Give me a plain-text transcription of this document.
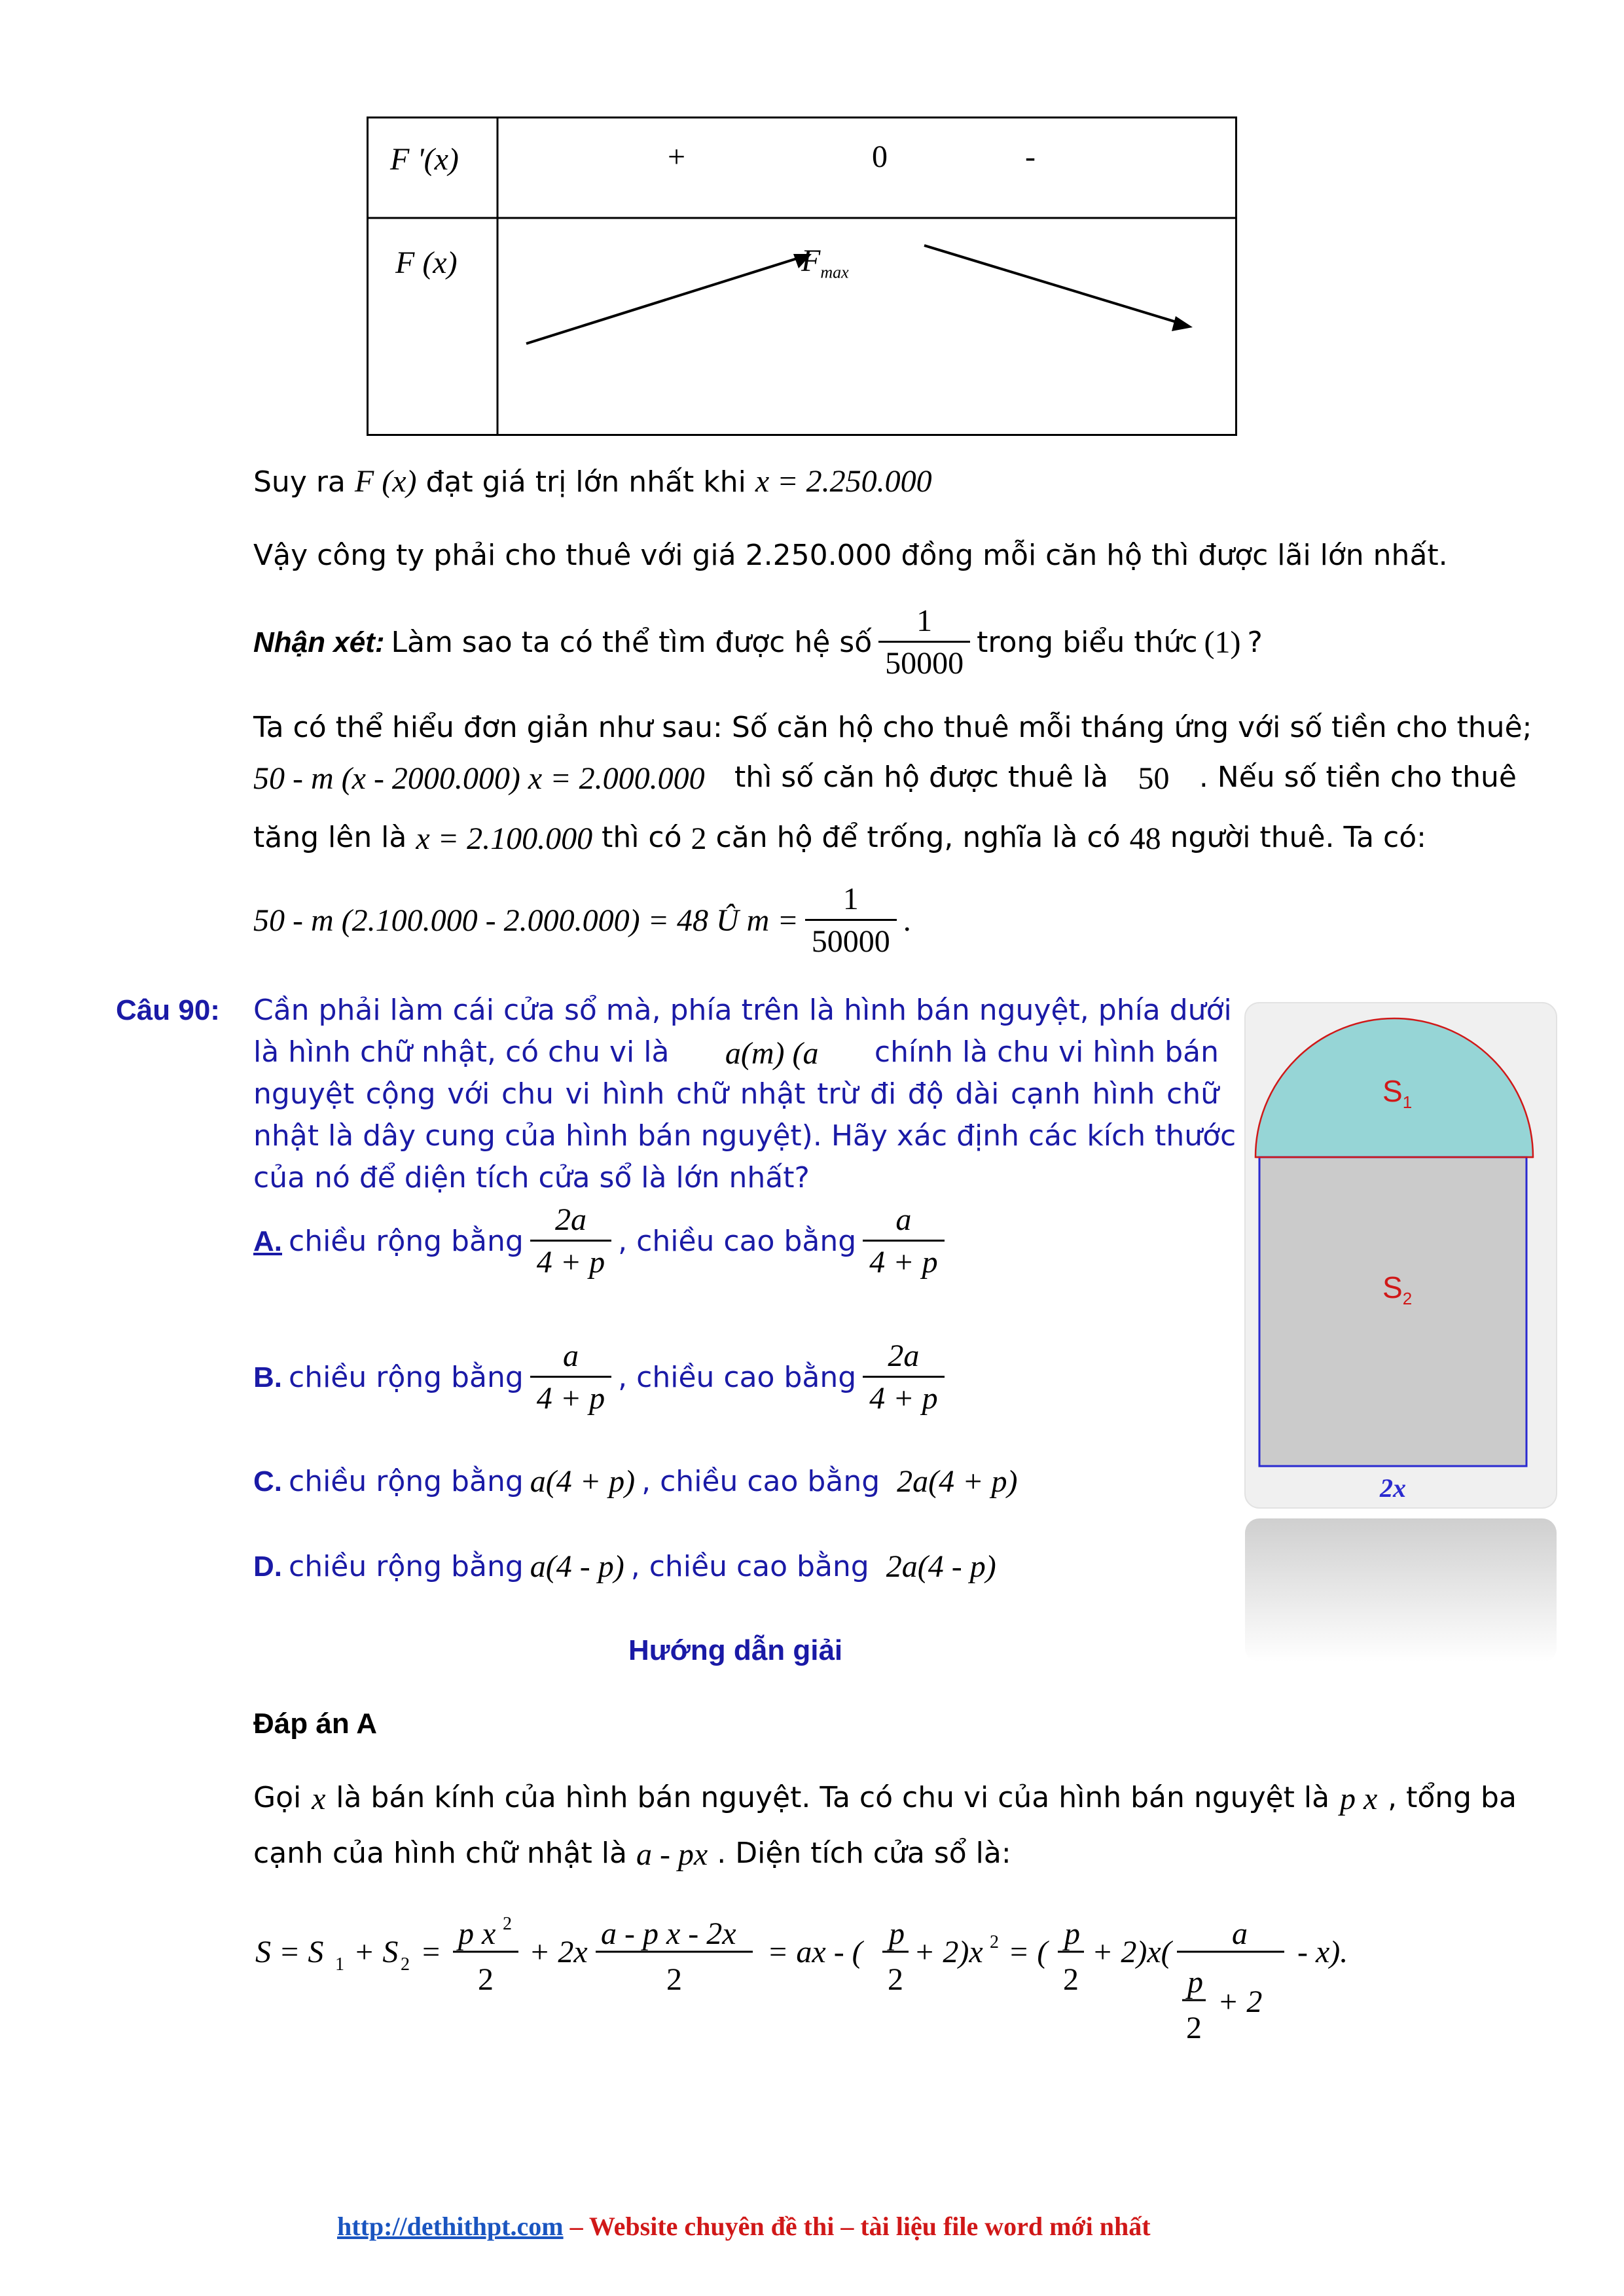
F '(x)	+	0	-
F (x)	$F_{max}$
Suy ra F (x) đạt giá trị lớn nhất khi x = 2.250.000
Vậy công ty phải cho thuê với giá 2.250.000 đồng mỗi căn hộ thì được lãi lớn nhất.
Nhận xét: Làm sao ta có thể tìm được hệ số $\frac{1}{50000}$ trong biểu thức (1) ?
Ta có thể hiểu đơn giản như sau: Số căn hộ cho thuê mỗi tháng ứng với số tiền cho thuê;
50 - m (x - 2000.000) x = 2.000.000 thì số căn hộ được thuê là 50 . Nếu số tiền cho thuê
tăng lên là x = 2.100.000 thì có 2 căn hộ để trống, nghĩa là có 48 người thuê. Ta có:
50 - m (2.100.000 - 2.000.000) = 48 Û $m = \frac{1}{50000}$ .
Câu 90: Cần phải làm cái cửa sổ mà, phía trên là hình bán nguyệt, phía dưới
là hình chữ nhật, có chu vi là a(m) (a chính là chu vi hình bán
nguyệt cộng với chu vi hình chữ nhật trừ đi độ dài cạnh hình chữ
nhật là dây cung của hình bán nguyệt). Hãy xác định các kích thước
của nó để diện tích cửa sổ là lớn nhất?
A. chiều rộng bằng $\frac{2a}{4 + p}$ , chiều cao bằng $\frac{a}{4 + p}$
B. chiều rộng bằng $\frac{a}{4 + p}$ , chiều cao bằng $\frac{2a}{4 + p}$
C. chiều rộng bằng a(4 + p) , chiều cao bằng 2a(4 + p)
D. chiều rộng bằng a(4 - p) , chiều cao bằng 2a(4 - p)
$S_1$
$S_2$
2x
Hướng dẫn giải
Đáp án A
Gọi x là bán kính của hình bán nguyệt. Ta có chu vi của hình bán nguyệt là p x , tổng ba
cạnh của hình chữ nhật là a - px . Diện tích cửa sổ là:
S = S 1 + S 2 =
p x 2
2
+ 2x
a - p x - 2x
2
= ax - (
p
2
+ 2)x 2 = (
p
2
+ 2)x(
a
p
2
+ 2
- x).
http://dethithpt.com – Website chuyên đề thi – tài liệu file word mới nhất
